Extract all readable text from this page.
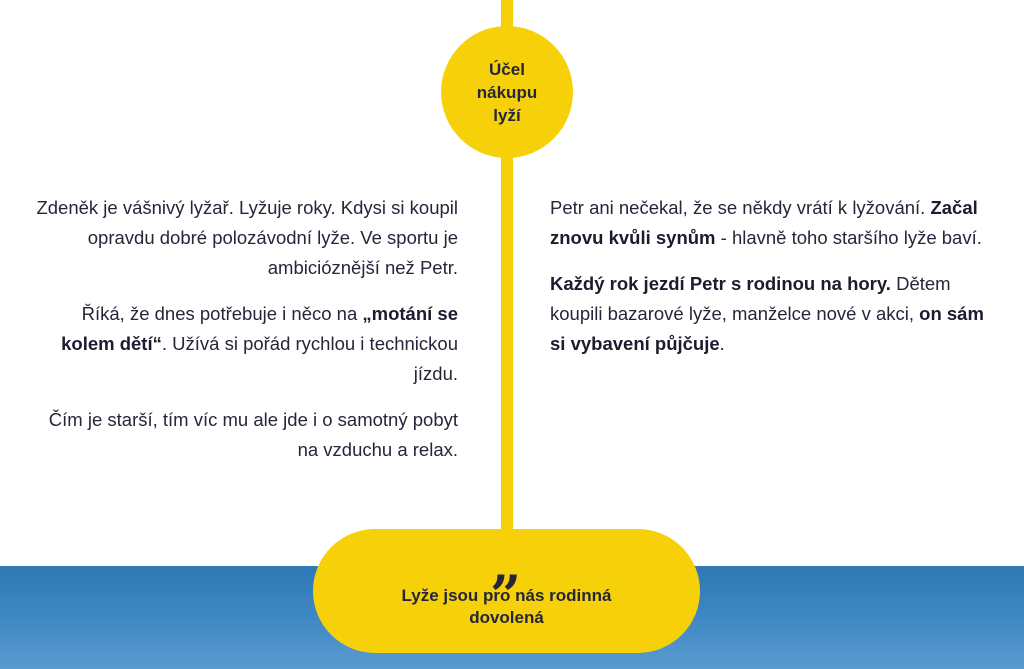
Účel
nákupu
lyží

Zdeněk je vášnivý lyžař. Lyžuje roky. Kdysi si koupil opravdu dobré polozávodní lyže. Ve sportu je ambicióznější než Petr.

Říká, že dnes potřebuje i něco na „motání se kolem dětí“. Užívá si pořád rychlou i technickou jízdu.

Čím je starší, tím víc mu ale jde i o samotný pobyt na vzduchu a relax.

Petr ani nečekal, že se někdy vrátí k lyžování. Začal znovu kvůli synům - hlavně toho staršího lyže baví.

Každý rok jezdí Petr s rodinou na hory. Dětem koupili bazarové lyže, manželce nové v akci, on sám si vybavení půjčuje.

„
Lyže jsou pro nás rodinná dovolená
